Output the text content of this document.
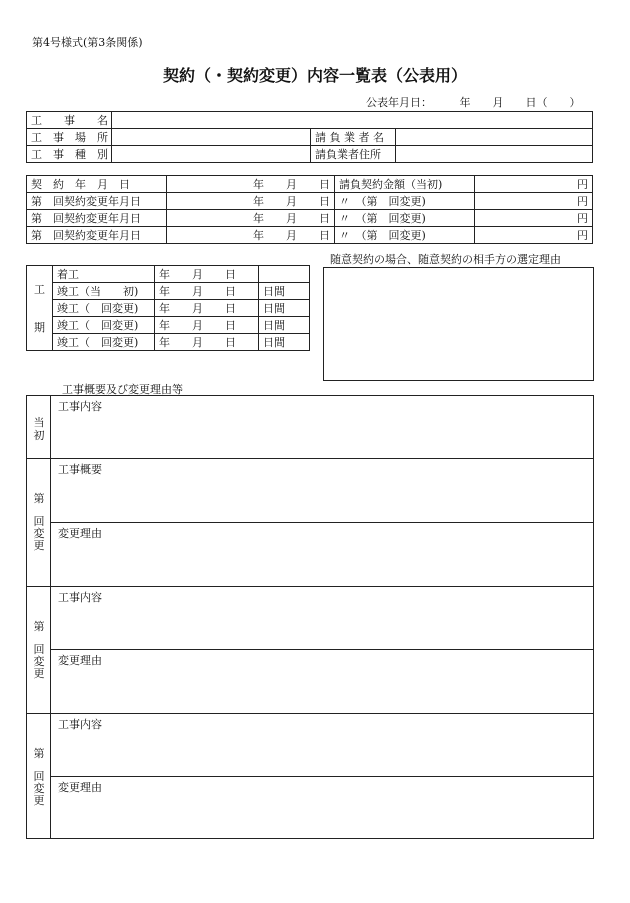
第4号様式(第3条関係)
契約（・契約変更）内容一覧表（公表用）
公表年月日：　　　年　　月　　日（　　）
工　　事　　名			
工　事　場　所		請 負 業 者 名	
工　事　種　別		請負業者住所	
契　約　年　月　日	年　　月　　日	請負契約金額（当初)	円
第　回契約変更年月日	年　　月　　日	〃　（第　回変更)	円
第　回契約変更年月日	年　　月　　日	〃　（第　回変更)	円
第　回契約変更年月日	年　　月　　日	〃　（第　回変更)	円
工
期	着工	年　　月　　日	
	竣工（当　　初)	年　　月　　日	日間
	竣工（　回変更)	年　　月　　日	日間
	竣工（　回変更)	年　　月　　日	日間
	竣工（　回変更)	年　　月　　日	日間
随意契約の場合、随意契約の相手方の選定理由
工事概要及び変更理由等
当初
工事内容
第
回変更
工事概要
変更理由
第
回変更
工事内容
変更理由
第
回変更
工事内容
変更理由
